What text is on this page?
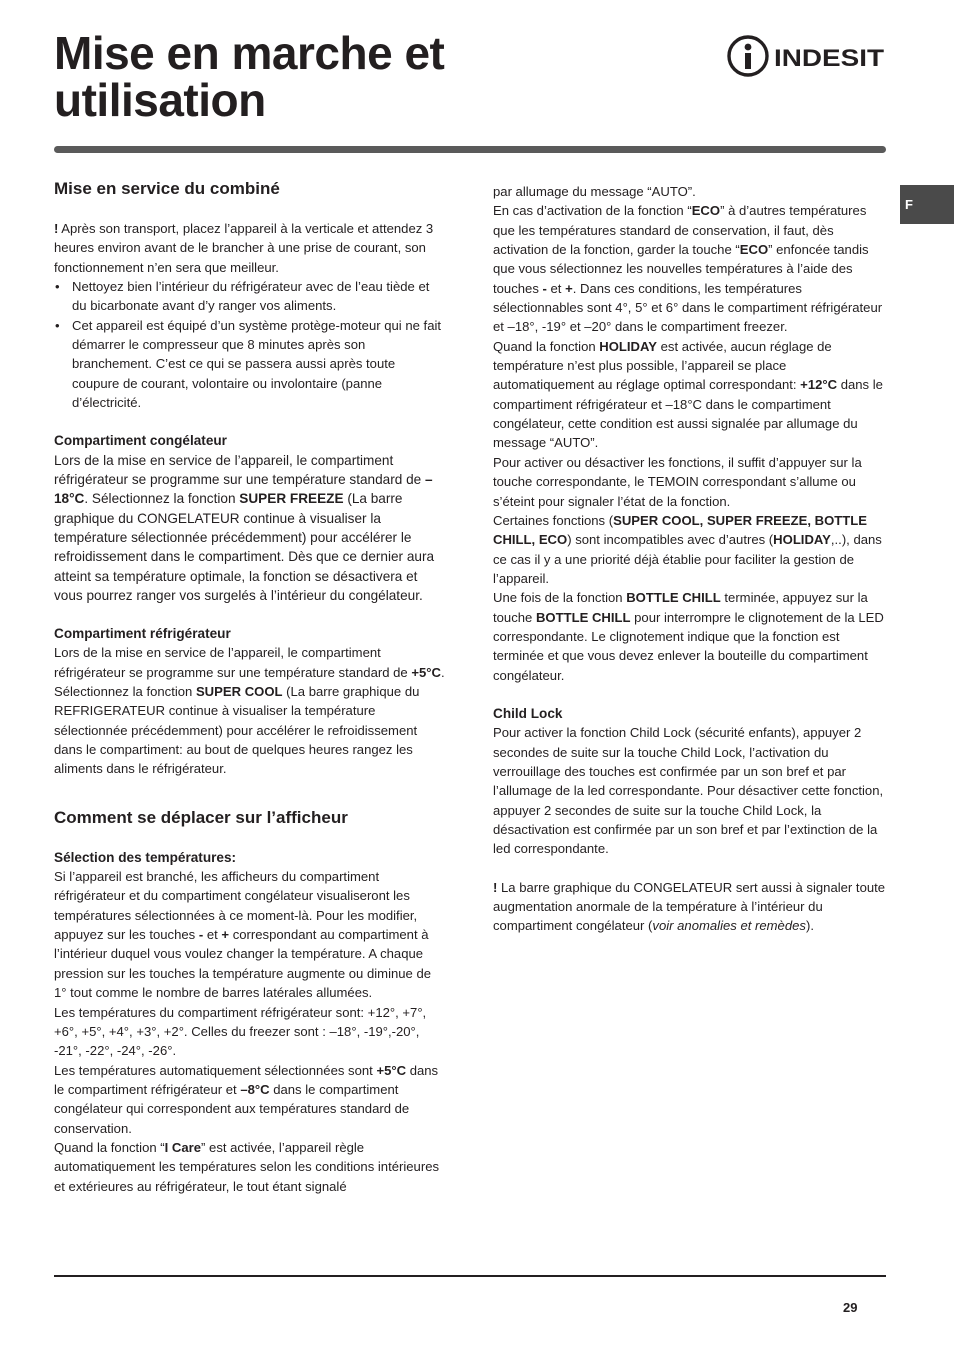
Mise en marche et
utilisation
INDESIT
F
Mise en service du combiné

! Après son transport, placez l’appareil à la verticale et attendez 3 heures environ avant de le brancher à une prise de courant, son fonctionnement n’en sera que meilleur.

• Nettoyez bien l’intérieur du réfrigérateur avec de l’eau tiède et du bicarbonate avant d’y ranger vos aliments.

• Cet appareil est équipé d’un système protège-moteur qui ne fait démarrer le compresseur que 8 minutes après son branchement. C’est ce qui se passera aussi après toute coupure de courant, volontaire ou involontaire (panne d’électricité.

Compartiment congélateur

Lors de la mise en service de l’appareil, le compartiment réfrigérateur se programme sur une température standard de –18°C. Sélectionnez la fonction SUPER FREEZE (La barre graphique du CONGELATEUR continue à visualiser la température sélectionnée précédemment) pour accélérer le refroidissement dans le compartiment. Dès que ce dernier aura atteint sa température optimale, la fonction se désactivera et vous pourrez ranger vos surgelés à l’intérieur du congélateur.

Compartiment réfrigérateur

Lors de la mise en service de l’appareil, le compartiment réfrigérateur se programme sur une température standard de +5°C. Sélectionnez la fonction SUPER COOL (La barre graphique du REFRIGERATEUR continue à visualiser la température sélectionnée précédemment) pour accélérer le refroidissement dans le compartiment: au bout de quelques heures rangez les aliments dans le réfrigérateur.

Comment se déplacer sur l’afficheur

Sélection des températures:

Si l’appareil est branché, les afficheurs du compartiment réfrigérateur et du compartiment congélateur visualiseront les températures sélectionnées à ce moment-là. Pour les modifier, appuyez sur les touches - et + correspondant au compartiment à l’intérieur duquel vous voulez changer la température. A chaque pression sur les touches la température augmente ou diminue de 1° tout comme le nombre de barres latérales allumées.

Les températures du compartiment réfrigérateur sont: +12°, +7°, +6°, +5°, +4°, +3°, +2°. Celles du freezer sont : –18°, -19°,-20°, -21°, -22°, -24°, -26°.

Les températures automatiquement sélectionnées sont +5°C dans le compartiment réfrigérateur et –8°C dans le compartiment congélateur qui correspondent aux températures standard de conservation.

Quand la fonction “I Care” est activée, l’appareil règle automatiquement les températures selon les conditions intérieures et extérieures au réfrigérateur, le tout étant signalé

par allumage du message “AUTO”.

En cas d’activation de la fonction “ECO” à d’autres températures que les températures standard de conservation, il faut, dès activation de la fonction, garder la touche “ECO” enfoncée tandis que vous sélectionnez les nouvelles températures à l’aide des touches - et +. Dans ces conditions, les températures sélectionnables sont 4°, 5° et 6° dans le compartiment réfrigérateur et –18°, -19° et –20° dans le compartiment freezer.

Quand la fonction HOLIDAY est activée, aucun réglage de température n’est plus possible, l’appareil se place automatiquement au réglage optimal correspondant: +12°C dans le compartiment réfrigérateur et –18°C dans le compartiment congélateur, cette condition est aussi signalée par allumage du message “AUTO”.

Pour activer ou désactiver les fonctions, il suffit d’appuyer sur la touche correspondante, le TEMOIN correspondant s’allume ou s’éteint pour signaler l’état de la fonction.

Certaines fonctions (SUPER COOL, SUPER FREEZE, BOTTLE CHILL, ECO) sont incompatibles avec d’autres (HOLIDAY,..), dans ce cas il y a une priorité déjà établie pour faciliter la gestion de l’appareil.

Une fois de la fonction BOTTLE CHILL terminée, appuyez sur la touche BOTTLE CHILL pour interrompre le clignotement de la LED correspondante. Le clignotement indique que la fonction est terminée et que vous devez enlever la bouteille du compartiment congélateur.

Child Lock

Pour activer la fonction Child Lock (sécurité enfants), appuyer 2 secondes de suite sur la touche Child Lock, l’activation du verrouillage des touches est confirmée par un son bref et par l’allumage de la led correspondante. Pour désactiver cette fonction, appuyer 2 secondes de suite sur la touche Child Lock, la désactivation est confirmée par un son bref et par l’extinction de la led correspondante.

! La barre graphique du CONGELATEUR sert aussi à signaler toute augmentation anormale de la température à l’intérieur du compartiment congélateur (voir anomalies et remèdes).

29
